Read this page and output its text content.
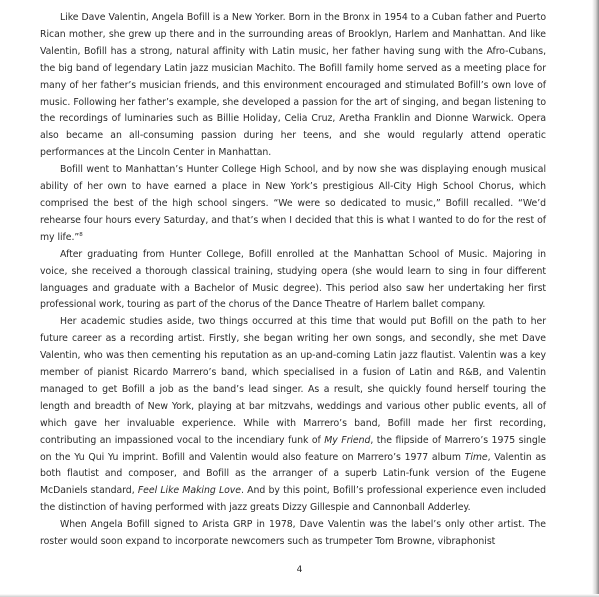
Like Dave Valentin, Angela Bofill is a New Yorker. Born in the Bronx in 1954 to a Cuban father and Puerto Rican mother, she grew up there and in the surrounding areas of Brooklyn, Harlem and Manhattan. And like Valentin, Bofill has a strong, natural affinity with Latin music, her father having sung with the Afro-Cubans, the big band of legendary Latin jazz musician Machito. The Bofill family home served as a meeting place for many of her father’s musician friends, and this environment encouraged and stimulated Bofill’s own love of music. Following her father’s example, she developed a passion for the art of singing, and began listening to the recordings of luminaries such as Billie Holiday, Celia Cruz, Aretha Franklin and Dionne Warwick. Opera also became an all-consuming passion during her teens, and she would regularly attend operatic performances at the Lincoln Center in Manhattan.

Bofill went to Manhattan’s Hunter College High School, and by now she was displaying enough musical ability of her own to have earned a place in New York’s prestigious All-City High School Chorus, which comprised the best of the high school singers. “We were so dedicated to music,” Bofill recalled. “We’d rehearse four hours every Saturday, and that’s when I decided that this is what I wanted to do for the rest of my life.”$^8$

After graduating from Hunter College, Bofill enrolled at the Manhattan School of Music. Majoring in voice, she received a thorough classical training, studying opera (she would learn to sing in four different languages and graduate with a Bachelor of Music degree). This period also saw her undertaking her first professional work, touring as part of the chorus of the Dance Theatre of Harlem ballet company.

Her academic studies aside, two things occurred at this time that would put Bofill on the path to her future career as a recording artist. Firstly, she began writing her own songs, and secondly, she met Dave Valentin, who was then cementing his reputation as an up-and-coming Latin jazz flautist. Valentin was a key member of pianist Ricardo Marrero’s band, which specialised in a fusion of Latin and R&B, and Valentin managed to get Bofill a job as the band’s lead singer. As a result, she quickly found herself touring the length and breadth of New York, playing at bar mitzvahs, weddings and various other public events, all of which gave her invaluable experience. While with Marrero’s band, Bofill made her first recording, contributing an impassioned vocal to the incendiary funk of My Friend, the flipside of Marrero’s 1975 single on the Yu Qui Yu imprint. Bofill and Valentin would also feature on Marrero’s 1977 album Time, Valentin as both flautist and composer, and Bofill as the arranger of a superb Latin-funk version of the Eugene McDaniels standard, Feel Like Making Love. And by this point, Bofill’s professional experience even included the distinction of having performed with jazz greats Dizzy Gillespie and Cannonball Adderley.

When Angela Bofill signed to Arista GRP in 1978, Dave Valentin was the label’s only other artist. The roster would soon expand to incorporate newcomers such as trumpeter Tom Browne, vibraphonist

4
